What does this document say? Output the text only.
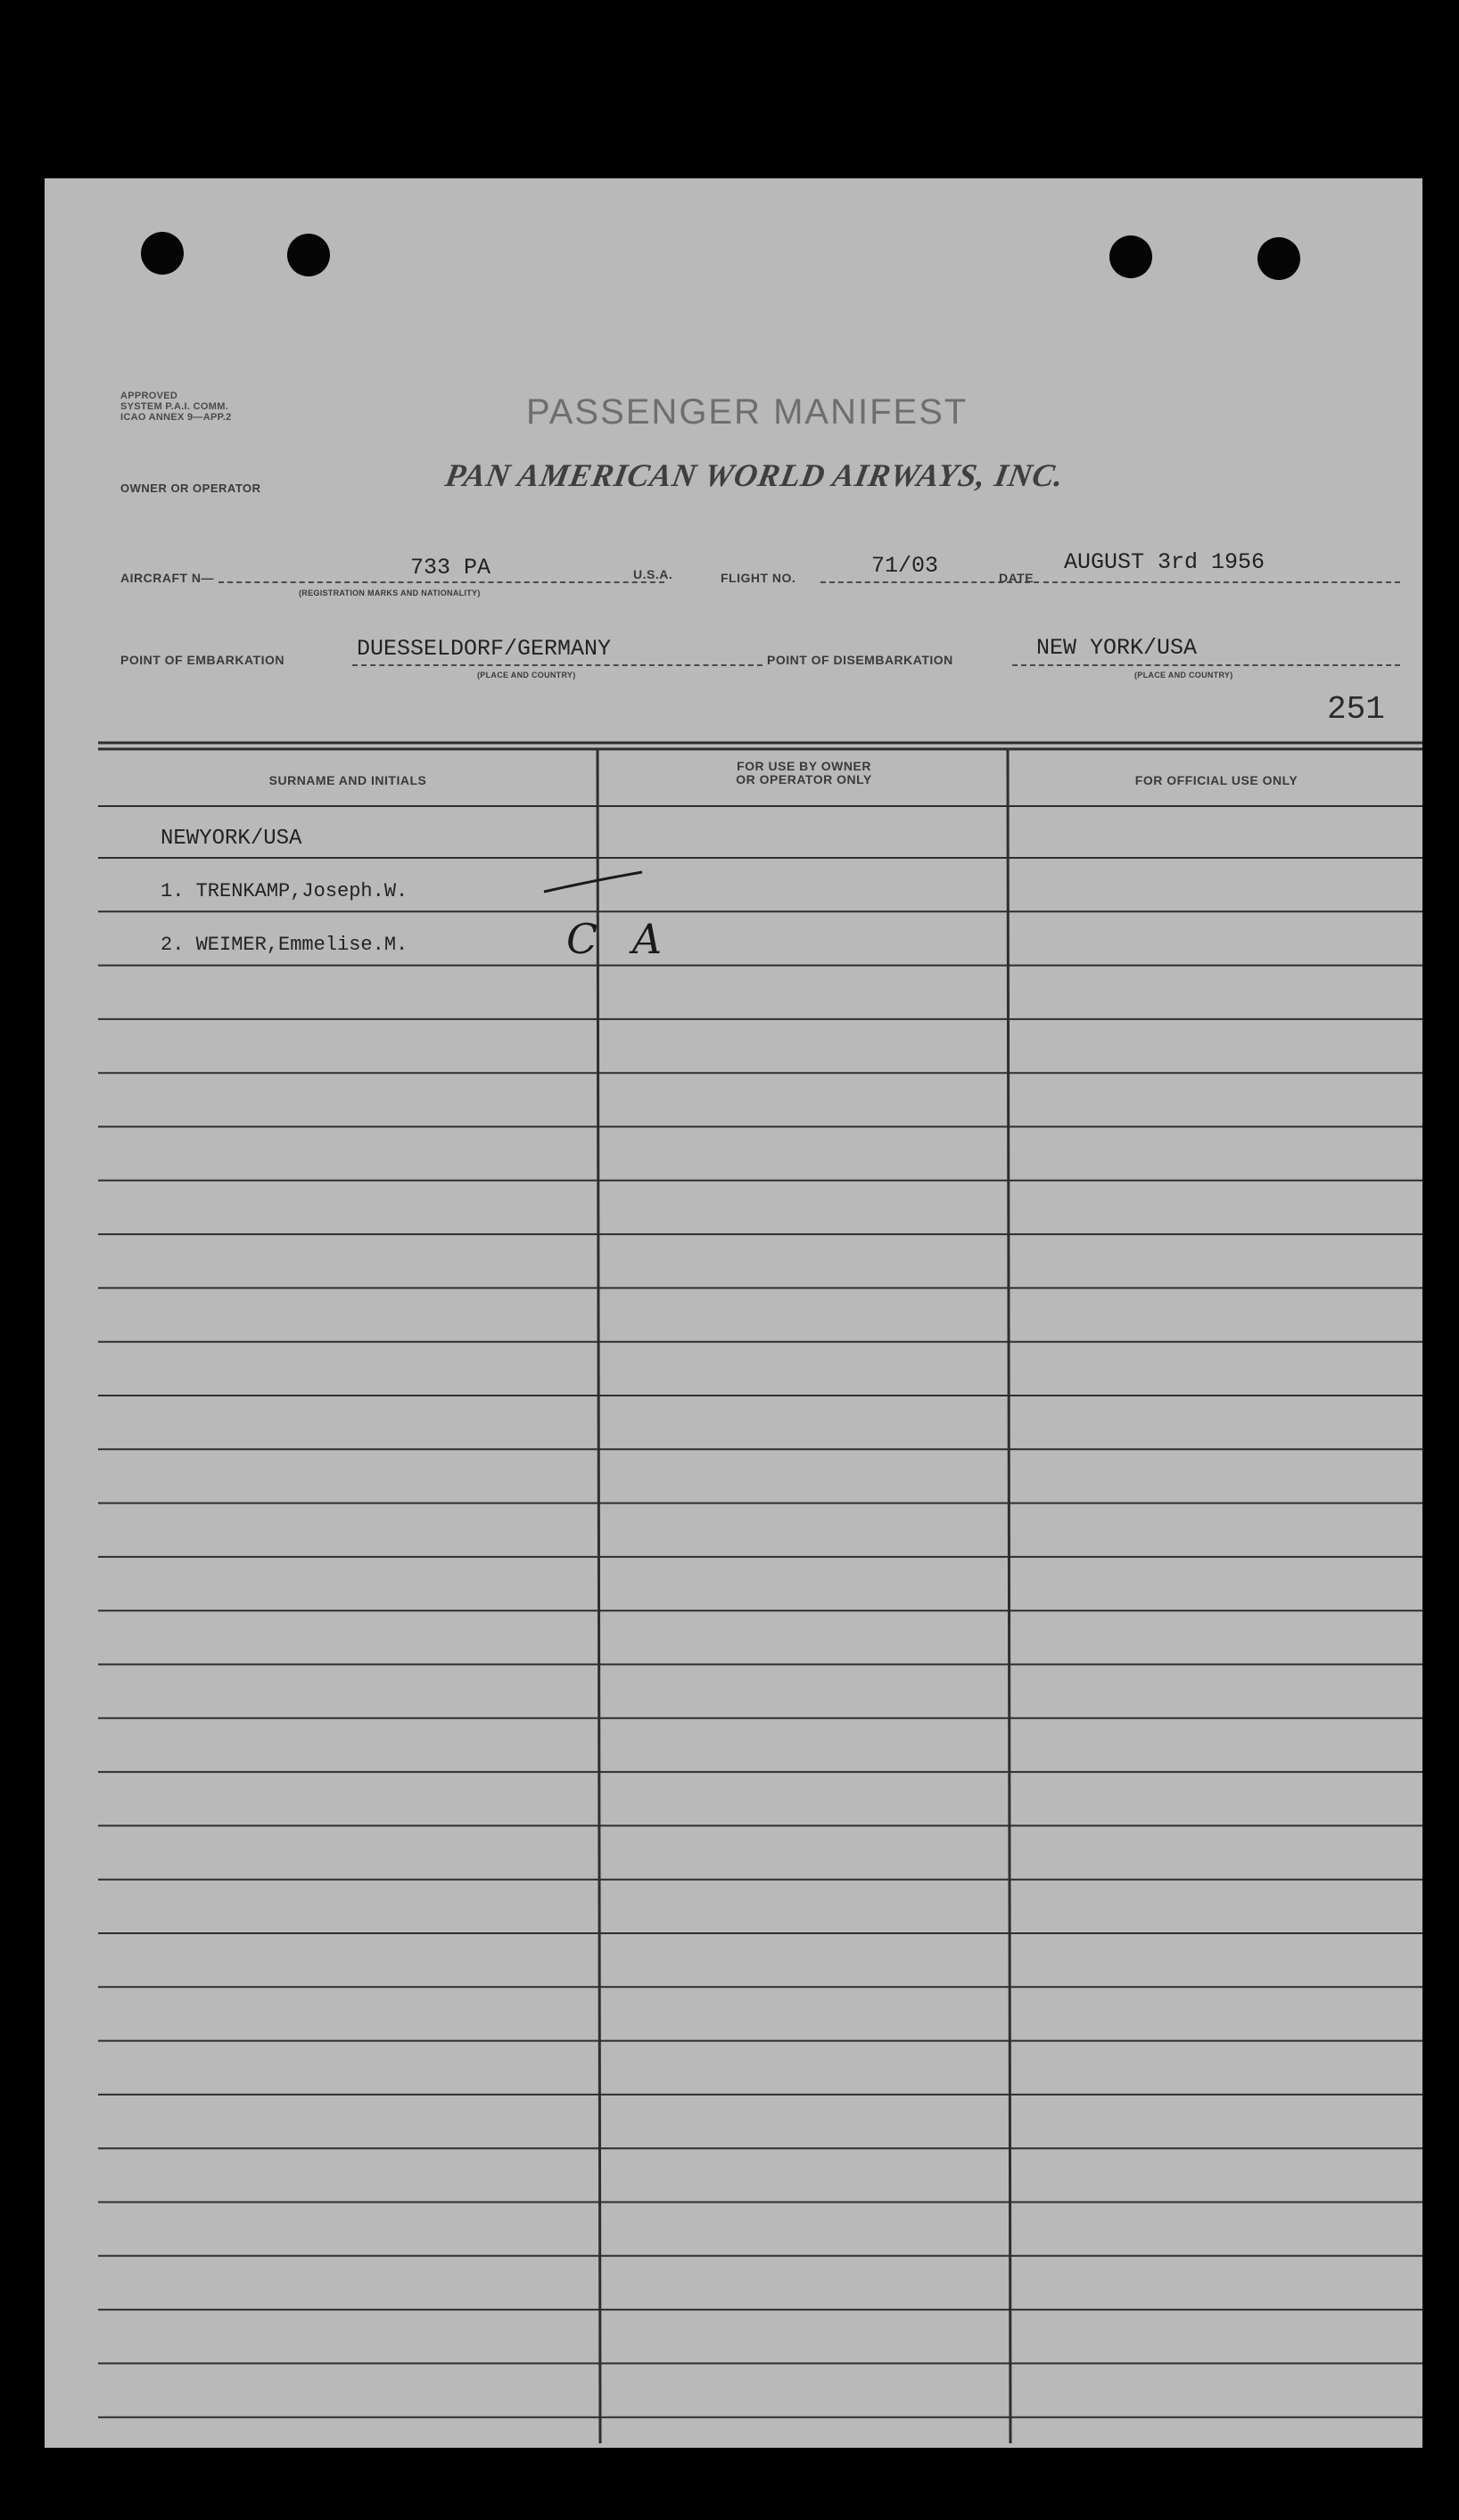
APPROVED
SYSTEM P.A.I. COMM.
ICAO ANNEX 9—APP.2	PASSENGER MANIFEST
OWNER OR OPERATOR	PAN AMERICAN WORLD AIRWAYS, INC.
AIRCRAFT N—	733 PA
(REGISTRATION MARKS AND NATIONALITY)
U.S.A.	FLIGHT NO.	71/03	DATE
AUGUST 3rd 1956
POINT OF EMBARKATION	DUESSELDORF/GERMANY
(PLACE AND COUNTRY)
POINT OF DISEMBARKATION	NEW YORK/USA
(PLACE AND COUNTRY)
251
SURNAME AND INITIALS
FOR USE BY OWNER
OR OPERATOR ONLY	FOR OFFICIAL USE ONLY
NEWYORK/USA
1. TRENKAMP,Joseph.W.
2. WEIMER,Emmelise.M.	C A
